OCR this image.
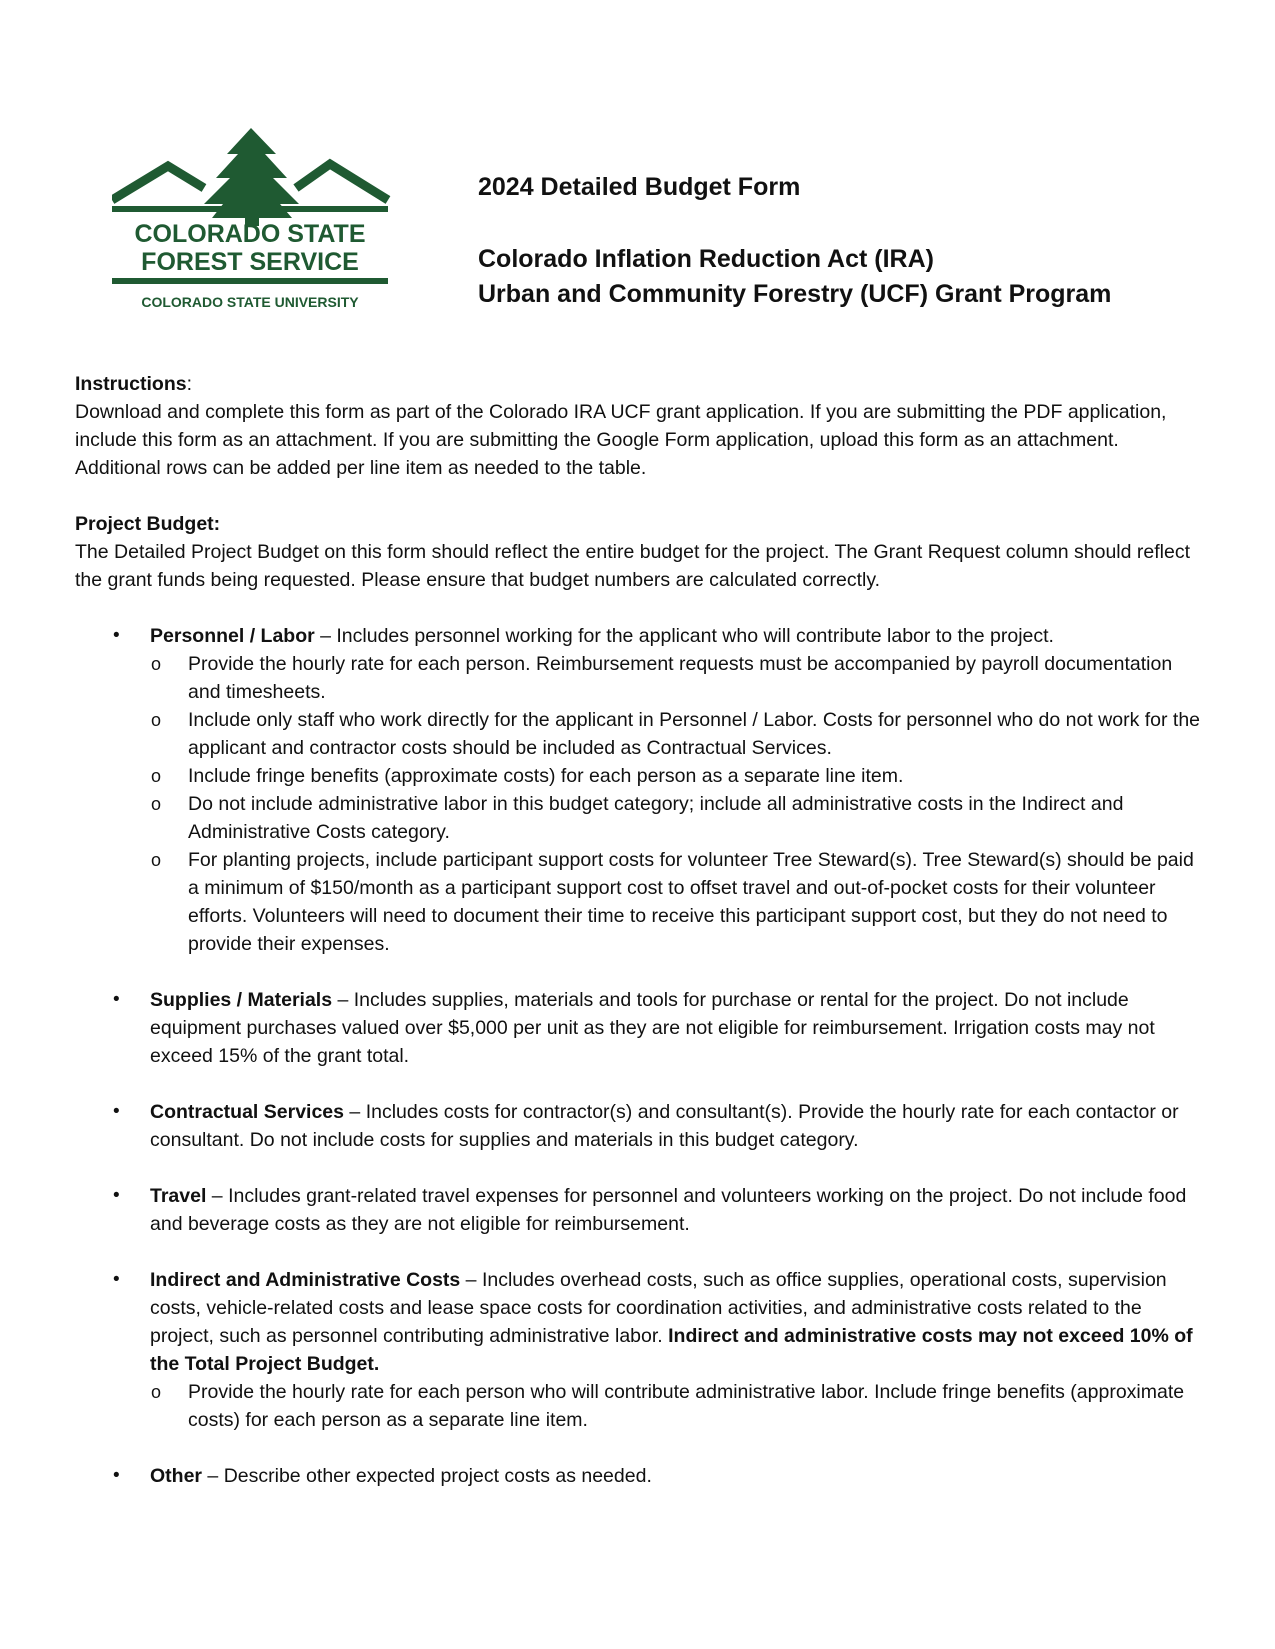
COLORADO STATE
FOREST SERVICE
COLORADO STATE UNIVERSITY

2024 Detailed Budget Form

Colorado Inflation Reduction Act (IRA)
Urban and Community Forestry (UCF) Grant Program

Instructions:

Download and complete this form as part of the Colorado IRA UCF grant application. If you are submitting the PDF application, include this form as an attachment. If you are submitting the Google Form application, upload this form as an attachment. Additional rows can be added per line item as needed to the table.

Project Budget:

The Detailed Project Budget on this form should reflect the entire budget for the project. The Grant Request column should reflect the grant funds being requested. Please ensure that budget numbers are calculated correctly.

• Personnel / Labor – Includes personnel working for the applicant who will contribute labor to the project.
o Provide the hourly rate for each person. Reimbursement requests must be accompanied by payroll documentation and timesheets.
o Include only staff who work directly for the applicant in Personnel / Labor. Costs for personnel who do not work for the applicant and contractor costs should be included as Contractual Services.
o Include fringe benefits (approximate costs) for each person as a separate line item.
o Do not include administrative labor in this budget category; include all administrative costs in the Indirect and Administrative Costs category.
o For planting projects, include participant support costs for volunteer Tree Steward(s). Tree Steward(s) should be paid a minimum of $150/month as a participant support cost to offset travel and out-of-pocket costs for their volunteer efforts. Volunteers will need to document their time to receive this participant support cost, but they do not need to provide their expenses.
• Supplies / Materials – Includes supplies, materials and tools for purchase or rental for the project. Do not include equipment purchases valued over $5,000 per unit as they are not eligible for reimbursement. Irrigation costs may not exceed 15% of the grant total.
• Contractual Services – Includes costs for contractor(s) and consultant(s). Provide the hourly rate for each contactor or consultant. Do not include costs for supplies and materials in this budget category.
• Travel – Includes grant-related travel expenses for personnel and volunteers working on the project. Do not include food and beverage costs as they are not eligible for reimbursement.
• Indirect and Administrative Costs – Includes overhead costs, such as office supplies, operational costs, supervision costs, vehicle-related costs and lease space costs for coordination activities, and administrative costs related to the project, such as personnel contributing administrative labor. Indirect and administrative costs may not exceed 10% of the Total Project Budget.
o Provide the hourly rate for each person who will contribute administrative labor. Include fringe benefits (approximate costs) for each person as a separate line item.
• Other – Describe other expected project costs as needed.
